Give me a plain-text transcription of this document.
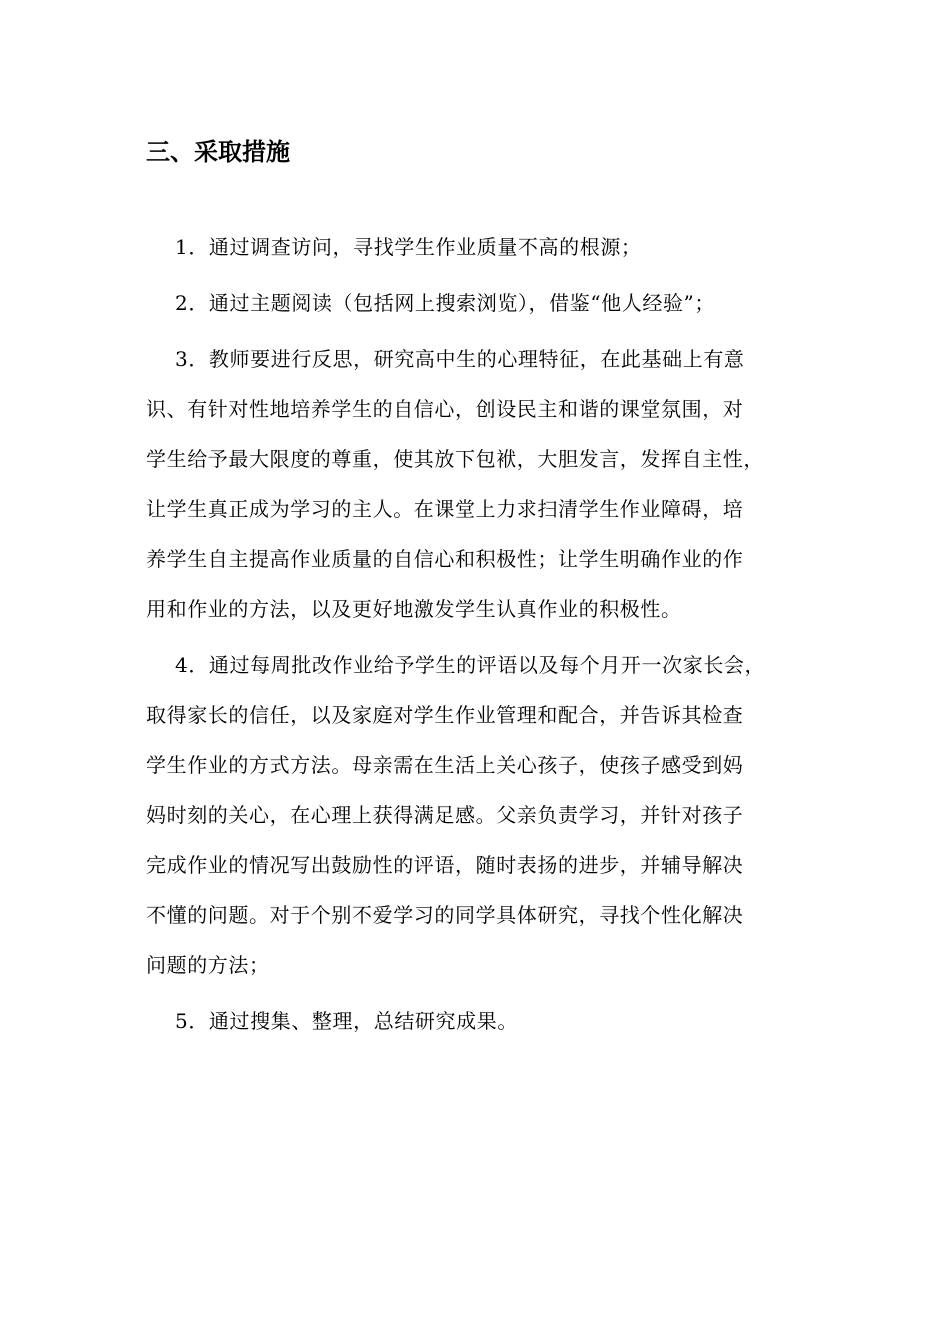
三、采取措施

1．通过调查访问，寻找学生作业质量不高的根源；

2．通过主题阅读（包括网上搜索浏览），借鉴“他人经验”；

3．教师要进行反思，研究高中生的心理特征，在此基础上有意
识、有针对性地培养学生的自信心，创设民主和谐的课堂氛围，对
学生给予最大限度的尊重，使其放下包袱，大胆发言，发挥自主性，
让学生真正成为学习的主人。在课堂上力求扫清学生作业障碍，培
养学生自主提高作业质量的自信心和积极性；让学生明确作业的作
用和作业的方法，以及更好地激发学生认真作业的积极性。

4．通过每周批改作业给予学生的评语以及每个月开一次家长会，
取得家长的信任，以及家庭对学生作业管理和配合，并告诉其检查
学生作业的方式方法。母亲需在生活上关心孩子，使孩子感受到妈
妈时刻的关心，在心理上获得满足感。父亲负责学习，并针对孩子
完成作业的情况写出鼓励性的评语，随时表扬的进步，并辅导解决
不懂的问题。对于个别不爱学习的同学具体研究，寻找个性化解决
问题的方法；

5．通过搜集、整理，总结研究成果。
